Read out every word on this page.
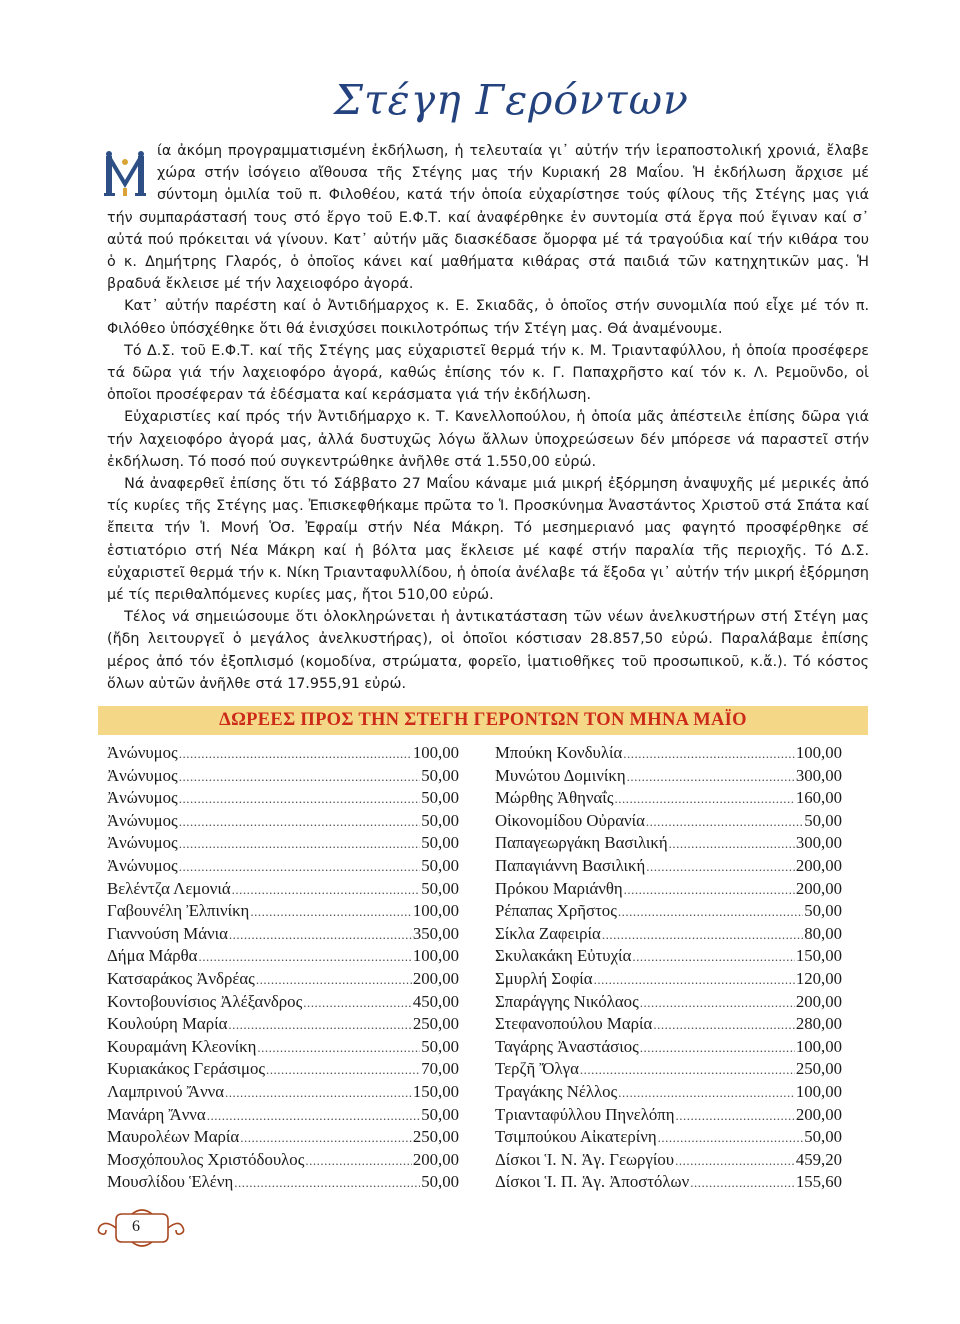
Στέγη Γερόντων

ία ἀκόμη προγραμματισμένη ἐκδήλωση, ἡ τελευταία γι᾽ αὐτήν τήν ἱεραποστολική χρονιά, ἔλαβε χώρα στήν ἰσόγειο αἴθουσα τῆς Στέγης μας τήν Κυριακή 28 Μαΐου. Ἡ ἐκδήλωση ἄρχισε μέ σύντομη ὁμιλία τοῦ π. Φιλοθέου, κατά τήν ὁποία εὐχαρίστησε τούς φίλους τῆς Στέγης μας γιά τήν συμπαράστασή τους στό ἔργο τοῦ Ε.Φ.Τ. καί ἀναφέρθηκε ἐν συντομία στά ἔργα πού ἔγιναν καί σ᾽ αὐτά πού πρόκειται νά γίνουν. Κατ᾽ αὐτήν μᾶς διασκέδασε ὄμορφα μέ τά τραγούδια καί τήν κιθάρα του ὁ κ. Δημήτρης Γλαρός, ὁ ὁποῖος κάνει καί μαθήματα κιθάρας στά παιδιά τῶν κατηχητικῶν μας. Ἡ βραδυά ἔκλεισε μέ τήν λαχειοφόρο ἀγορά.

Κατ᾽ αὐτήν παρέστη καί ὁ Ἀντιδήμαρχος κ. Ε. Σκιαδᾶς, ὁ ὁποῖος στήν συνομιλία πού εἶχε μέ τόν π. Φιλόθεο ὑπόσχέθηκε ὅτι θά ἐνισχύσει ποικιλοτρόπως τήν Στέγη μας. Θά ἀναμένουμε.

Τό Δ.Σ. τοῦ Ε.Φ.Τ. καί τῆς Στέγης μας εὐχαριστεῖ θερμά τήν κ. Μ. Τριανταφύλλου, ἡ ὁποία προσέφερε τά δῶρα γιά τήν λαχειοφόρο ἀγορά, καθώς ἐπίσης τόν κ. Γ. Παπαχρῆστο καί τόν κ. Λ. Ρεμοῦνδο, οἱ ὁποῖοι προσέφεραν τά ἐδέσματα καί κεράσματα γιά τήν ἐκδήλωση.

Εὐχαριστίες καί πρός τήν Ἀντιδήμαρχο κ. Τ. Κανελλοπούλου, ἡ ὁποία μᾶς ἀπέστειλε ἐπίσης δῶρα γιά τήν λαχειοφόρο ἀγορά μας, ἀλλά δυστυχῶς λόγω ἄλλων ὑποχρεώσεων δέν μπόρεσε νά παραστεῖ στήν ἐκδήλωση. Τό ποσό πού συγκεντρώθηκε ἀνῆλθε στά 1.550,00 εὐρώ.

Νά ἀναφερθεῖ ἐπίσης ὅτι τό Σάββατο 27 Μαΐου κάναμε μιά μικρή ἐξόρμηση ἀναψυχῆς μέ μερικές ἀπό τίς κυρίες τῆς Στέγης μας. Ἐπισκεφθήκαμε πρῶτα το Ἱ. Προσκύνημα Ἀναστάντος Χριστοῦ στά Σπάτα καί ἔπειτα τήν Ἱ. Μονή Ὁσ. Ἐφραίμ στήν Νέα Μάκρη. Τό μεσημεριανό μας φαγητό προσφέρθηκε σέ ἑστιατόριο στή Νέα Μάκρη καί ἡ βόλτα μας ἔκλεισε μέ καφέ στήν παραλία τῆς περιοχῆς. Τό Δ.Σ. εὐχαριστεῖ θερμά τήν κ. Νίκη Τριανταφυλλίδου, ἡ ὁποία ἀνέλαβε τά ἔξοδα γι᾽ αὐτήν τήν μικρή ἐξόρμηση μέ τίς περιθαλπόμενες κυρίες μας, ἤτοι 510,00 εὐρώ.

Τέλος νά σημειώσουμε ὅτι ὁλοκληρώνεται ἡ ἀντικατάσταση τῶν νέων ἀνελκυστήρων στή Στέγη μας (ἤδη λειτουργεῖ ὁ μεγάλος ἀνελκυστήρας), οἱ ὁποῖοι κόστισαν 28.857,50 εὐρώ. Παραλάβαμε ἐπίσης μέρος ἀπό τόν ἐξοπλισμό (κομοδίνα, στρώματα, φορεῖο, ἱματιοθῆκες τοῦ προσωπικοῦ, κ.ἄ.). Τό κόστος ὅλων αὐτῶν ἀνῆλθε στά 17.955,91 εὐρώ.

ΔΩΡΕΕΣ ΠΡΟΣ ΤΗΝ ΣΤΕΓΗ ΓΕΡΟΝΤΩΝ ΤΟΝ ΜΗΝΑ ΜΑΪΟ
Ἀνώνυμος .....	100,00
Ἀνώνυμος .....	50,00
Ἀνώνυμος .....	50,00
Ἀνώνυμος .....	50,00
Ἀνώνυμος .....	50,00
Ἀνώνυμος .....	50,00
Βελέντζα Λεμονιά .....	50,00
Γαβουνέλη Ἐλπινίκη .....	100,00
Γιαννούση Μάνια .....	350,00
Δήμα Μάρθα .....	100,00
Κατσαράκος Ἀνδρέας .....	200,00
Κοντοβουνίσιος Ἀλέξανδρος .....	450,00
Κουλούρη Μαρία .....	250,00
Κουραμάνη Κλεονίκη .....	50,00
Κυριακάκος Γεράσιμος .....	70,00
Λαμπρινού Ἄννα .....	150,00
Μανάρη Ἄννα .....	50,00
Μαυρολέων Μαρία .....	250,00
Μοσχόπουλος Χριστόδουλος .....	200,00
Μουσλίδου Ἑλένη .....	50,00
Μπούκη Κονδυλία .....	100,00
Μυνώτου Δομινίκη .....	300,00
Μώρθης Ἀθηναΐς .....	160,00
Οἰκονομίδου Οὐρανία .....	50,00
Παπαγεωργάκη Βασιλική .....	300,00
Παπαγιάννη Βασιλική .....	200,00
Πρόκου Μαριάνθη .....	200,00
Ρέπαπας Χρῆστος .....	50,00
Σίκλα Ζαφειρία .....	80,00
Σκυλακάκη Εὐτυχία .....	150,00
Σμυρλή Σοφία .....	120,00
Σπαράγγης Νικόλαος .....	200,00
Στεφανοπούλου Μαρία .....	280,00
Ταγάρης Ἀναστάσιος .....	100,00
Τερζῆ Ὄλγα .....	250,00
Τραγάκης Νέλλος .....	100,00
Τριανταφύλλου Πηνελόπη .....	200,00
Τσιμπούκου Αἰκατερίνη .....	50,00
Δίσκοι Ἱ. Ν. Ἁγ. Γεωργίου .....	459,20
Δίσκοι Ἱ. Π. Ἁγ. Ἀποστόλων .....	155,60
6
